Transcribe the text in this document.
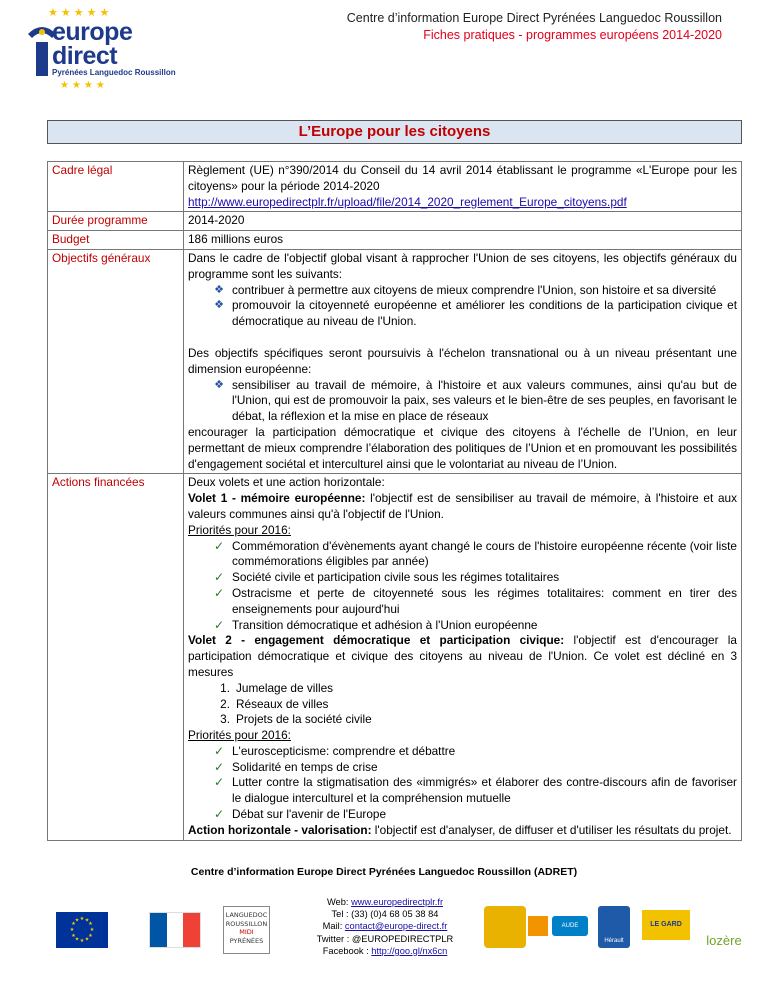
★★★★★
europe
direct
Pyrénées Languedoc Roussillon
★★★★
Centre d’information Europe Direct Pyrénées Languedoc Roussillon
Fiches pratiques - programmes européens 2014-2020
L’Europe pour les citoyens
Cadre légal	Règlement (UE) n°390/2014 du Conseil du 14 avril 2014 établissant le programme «L'Europe pour les citoyens» pour la période 2014-2020

http://www.europedirectplr.fr/upload/file/2014_2020_reglement_Europe_citoyens.pdf
Durée programme	2014-2020
Budget	186 millions euros
Objectifs généraux	Dans le cadre de l'objectif global visant à rapprocher l'Union de ses citoyens, les objectifs généraux du programme sont les suivants:

❖ contribuer à permettre aux citoyens de mieux comprendre l'Union, son histoire et sa diversité
❖ promouvoir la citoyenneté européenne et améliorer les conditions de la participation civique et démocratique au niveau de l'Union.

Des objectifs spécifiques seront poursuivis à l'échelon transnational ou à un niveau présentant une dimension européenne:

❖ sensibiliser au travail de mémoire, à l'histoire et aux valeurs communes, ainsi qu'au but de l'Union, qui est de promouvoir la paix, ses valeurs et le bien-être de ses peuples, en favorisant le débat, la réflexion et la mise en place de réseaux

encourager la participation démocratique et civique des citoyens à l'échelle de l’Union, en leur permettant de mieux comprendre l’élaboration des politiques de l’Union et en promouvant les possibilités d'engagement sociétal et interculturel ainsi que le volontariat au niveau de l’Union.

Actions financées	Deux volets et une action horizontale:

Volet 1 - mémoire européenne: l'objectif est de sensibiliser au travail de mémoire, à l'histoire et aux valeurs communes ainsi qu'à l'objectif de l'Union.

Priorités pour 2016:

✓ Commémoration d'évènements ayant changé le cours de l'histoire européenne récente (voir liste commémorations éligibles par année)
✓ Société civile et participation civile sous les régimes totalitaires
✓ Ostracisme et perte de citoyenneté sous les régimes totalitaires: comment en tirer des enseignements pour aujourd'hui
✓ Transition démocratique et adhésion à l'Union européenne

Volet 2 - engagement démocratique et participation civique: l'objectif est d'encourager la participation démocratique et civique des citoyens au niveau de l'Union. Ce volet est décliné en 3 mesures

1. Jumelage de villes
2. Réseaux de villes
3. Projets de la société civile

Priorités pour 2016:

✓ L'euroscepticisme: comprendre et débattre
✓ Solidarité en temps de crise
✓ Lutter contre la stigmatisation des «immigrés» et élaborer des contre-discours afin de favoriser le dialogue interculturel et la compréhension mutuelle
✓ Débat sur l'avenir de l'Europe

Action horizontale - valorisation: l'objectif est d'analyser, de diffuser et d'utiliser les résultats du projet.

Centre d’information Europe Direct Pyrénées Languedoc Roussillon (ADRET)
★ ★
★
★
★
★
★
★
★
★
★
★
LANGUEDOC
ROUSSILLON
MIDI
PYRÉNÉES
Web: www.europedirectplr.fr
Tel : (33) (0)4 68 05 38 84
Mail: contact@europe-direct.fr
Twitter : @EUROPEDIRECTPLR
Facebook : http://goo.gl/nx6cn
AUDE
Hérault
LE GARD
lozère
